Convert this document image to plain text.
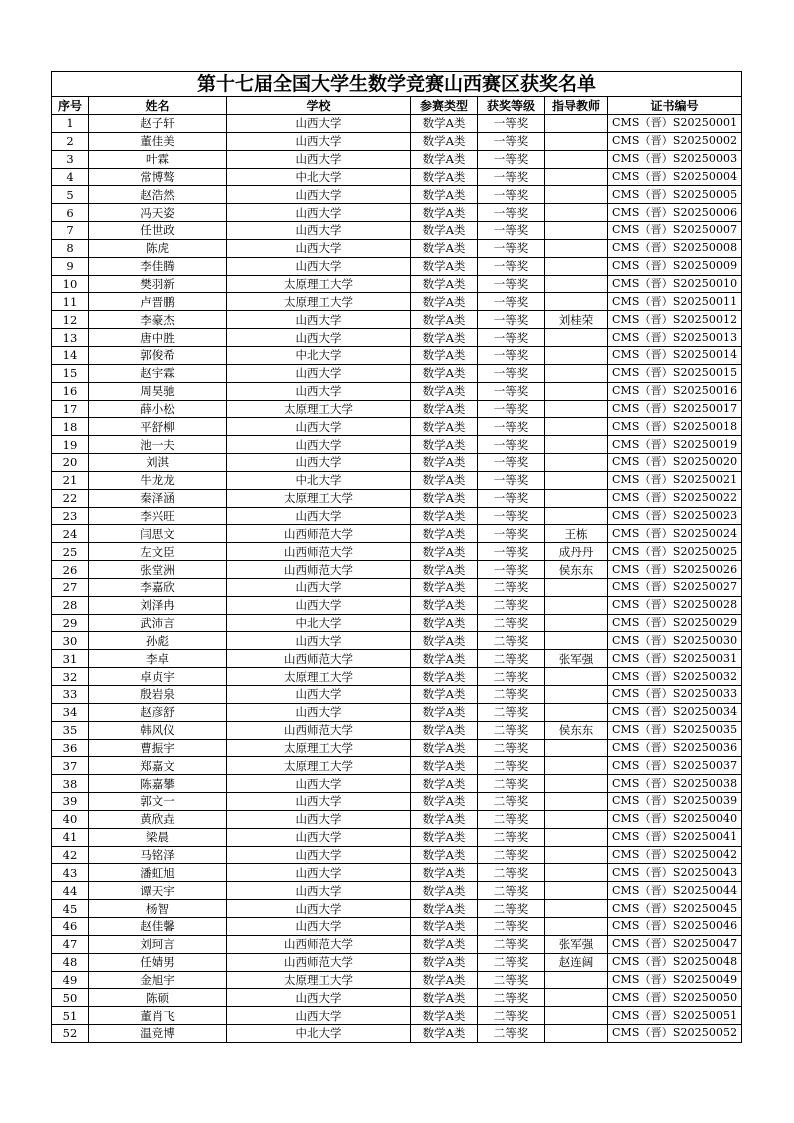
第十七届全国大学生数学竞赛山西赛区获奖名单						
序号	姓名	学校	参赛类型	获奖等级	指导教师	证书编号
1	赵子轩	山西大学	数学A类	一等奖		CMS（晋）S20250001
2	董佳美	山西大学	数学A类	一等奖		CMS（晋）S20250002
3	叶霖	山西大学	数学A类	一等奖		CMS（晋）S20250003
4	常博骜	中北大学	数学A类	一等奖		CMS（晋）S20250004
5	赵浩然	山西大学	数学A类	一等奖		CMS（晋）S20250005
6	冯天姿	山西大学	数学A类	一等奖		CMS（晋）S20250006
7	任世政	山西大学	数学A类	一等奖		CMS（晋）S20250007
8	陈虎	山西大学	数学A类	一等奖		CMS（晋）S20250008
9	李佳腾	山西大学	数学A类	一等奖		CMS（晋）S20250009
10	樊羽新	太原理工大学	数学A类	一等奖		CMS（晋）S20250010
11	卢晋鹏	太原理工大学	数学A类	一等奖		CMS（晋）S20250011
12	李豪杰	山西大学	数学A类	一等奖	刘桂荣	CMS（晋）S20250012
13	唐中胜	山西大学	数学A类	一等奖		CMS（晋）S20250013
14	郭俊希	中北大学	数学A类	一等奖		CMS（晋）S20250014
15	赵宇霖	山西大学	数学A类	一等奖		CMS（晋）S20250015
16	周昊驰	山西大学	数学A类	一等奖		CMS（晋）S20250016
17	薛小松	太原理工大学	数学A类	一等奖		CMS（晋）S20250017
18	平舒柳	山西大学	数学A类	一等奖		CMS（晋）S20250018
19	池一夫	山西大学	数学A类	一等奖		CMS（晋）S20250019
20	刘淇	山西大学	数学A类	一等奖		CMS（晋）S20250020
21	牛龙龙	中北大学	数学A类	一等奖		CMS（晋）S20250021
22	秦泽涵	太原理工大学	数学A类	一等奖		CMS（晋）S20250022
23	李兴旺	山西大学	数学A类	一等奖		CMS（晋）S20250023
24	闫思文	山西师范大学	数学A类	一等奖	王栋	CMS（晋）S20250024
25	左文臣	山西师范大学	数学A类	一等奖	成丹丹	CMS（晋）S20250025
26	张堂洲	山西师范大学	数学A类	一等奖	侯东东	CMS（晋）S20250026
27	李嘉欣	山西大学	数学A类	二等奖		CMS（晋）S20250027
28	刘泽冉	山西大学	数学A类	二等奖		CMS（晋）S20250028
29	武沛言	中北大学	数学A类	二等奖		CMS（晋）S20250029
30	孙彪	山西大学	数学A类	二等奖		CMS（晋）S20250030
31	李卓	山西师范大学	数学A类	二等奖	张军强	CMS（晋）S20250031
32	卓贞宇	太原理工大学	数学A类	二等奖		CMS（晋）S20250032
33	殷岩泉	山西大学	数学A类	二等奖		CMS（晋）S20250033
34	赵彦舒	山西大学	数学A类	二等奖		CMS（晋）S20250034
35	韩风仪	山西师范大学	数学A类	二等奖	侯东东	CMS（晋）S20250035
36	曹振宇	太原理工大学	数学A类	二等奖		CMS（晋）S20250036
37	郑嘉文	太原理工大学	数学A类	二等奖		CMS（晋）S20250037
38	陈嘉攀	山西大学	数学A类	二等奖		CMS（晋）S20250038
39	郭文一	山西大学	数学A类	二等奖		CMS（晋）S20250039
40	黄欣垚	山西大学	数学A类	二等奖		CMS（晋）S20250040
41	梁晨	山西大学	数学A类	二等奖		CMS（晋）S20250041
42	马铭泽	山西大学	数学A类	二等奖		CMS（晋）S20250042
43	潘虹旭	山西大学	数学A类	二等奖		CMS（晋）S20250043
44	谭天宇	山西大学	数学A类	二等奖		CMS（晋）S20250044
45	杨智	山西大学	数学A类	二等奖		CMS（晋）S20250045
46	赵佳馨	山西大学	数学A类	二等奖		CMS（晋）S20250046
47	刘珂言	山西师范大学	数学A类	二等奖	张军强	CMS（晋）S20250047
48	任婧男	山西师范大学	数学A类	二等奖	赵连阔	CMS（晋）S20250048
49	金旭宇	太原理工大学	数学A类	二等奖		CMS（晋）S20250049
50	陈硕	山西大学	数学A类	二等奖		CMS（晋）S20250050
51	董肖飞	山西大学	数学A类	二等奖		CMS（晋）S20250051
52	温竞博	中北大学	数学A类	二等奖		CMS（晋）S20250052
